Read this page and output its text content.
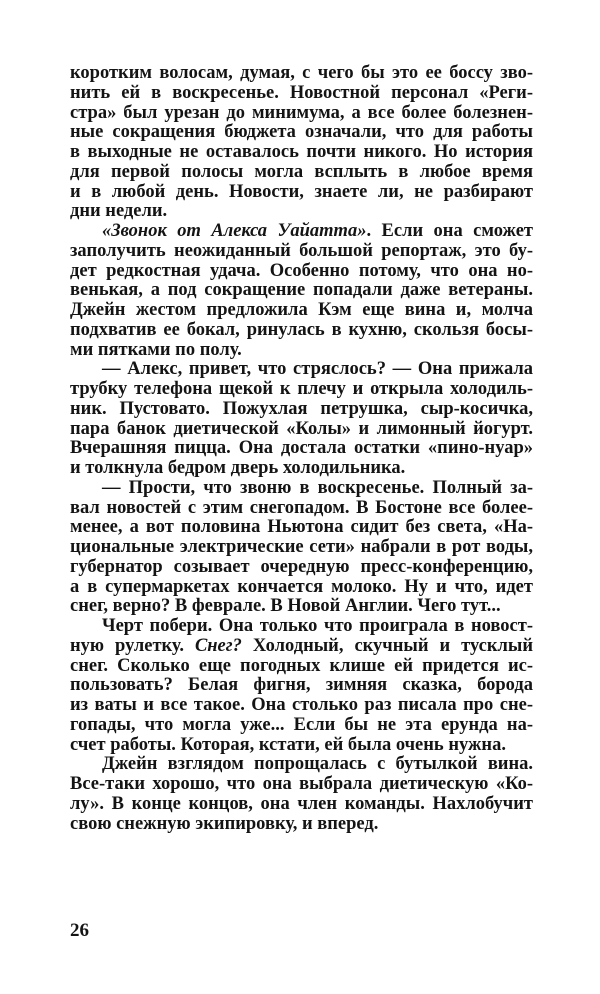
коротким волосам, думая, с чего бы это ее боссу зво-
нить ей в воскресенье. Новостной персонал «Реги-
стра» был урезан до минимума, а все более болезнен-
ные сокращения бюджета означали, что для работы
в выходные не оставалось почти никого. Но история
для первой полосы могла всплыть в любое время
и в любой день. Новости, знаете ли, не разбирают
дни недели.
«Звонок от Алекса Уайатта». Если она сможет
заполучить неожиданный большой репортаж, это бу-
дет редкостная удача. Особенно потому, что она но-
венькая, а под сокращение попадали даже ветераны.
Джейн жестом предложила Кэм еще вина и, молча
подхватив ее бокал, ринулась в кухню, скользя босы-
ми пятками по полу.
— Алекс, привет, что стряслось? — Она прижала
трубку телефона щекой к плечу и открыла холодиль-
ник. Пустовато. Пожухлая петрушка, сыр-косичка,
пара банок диетической «Колы» и лимонный йогурт.
Вчерашняя пицца. Она достала остатки «пино-нуар»
и толкнула бедром дверь холодильника.
— Прости, что звоню в воскресенье. Полный за-
вал новостей с этим снегопадом. В Бостоне все более-
менее, а вот половина Ньютона сидит без света, «На-
циональные электрические сети» набрали в рот воды,
губернатор созывает очередную пресс-конференцию,
а в супермаркетах кончается молоко. Ну и что, идет
снег, верно? В феврале. В Новой Англии. Чего тут...
Черт побери. Она только что проиграла в новост-
ную рулетку. Снег? Холодный, скучный и тусклый
снег. Сколько еще погодных клише ей придется ис-
пользовать? Белая фигня, зимняя сказка, борода
из ваты и все такое. Она столько раз писала про сне-
гопады, что могла уже... Если бы не эта ерунда на-
счет работы. Которая, кстати, ей была очень нужна.
Джейн взглядом попрощалась с бутылкой вина.
Все-таки хорошо, что она выбрала диетическую «Ко-
лу». В конце концов, она член команды. Нахлобучит
свою снежную экипировку, и вперед.
26
